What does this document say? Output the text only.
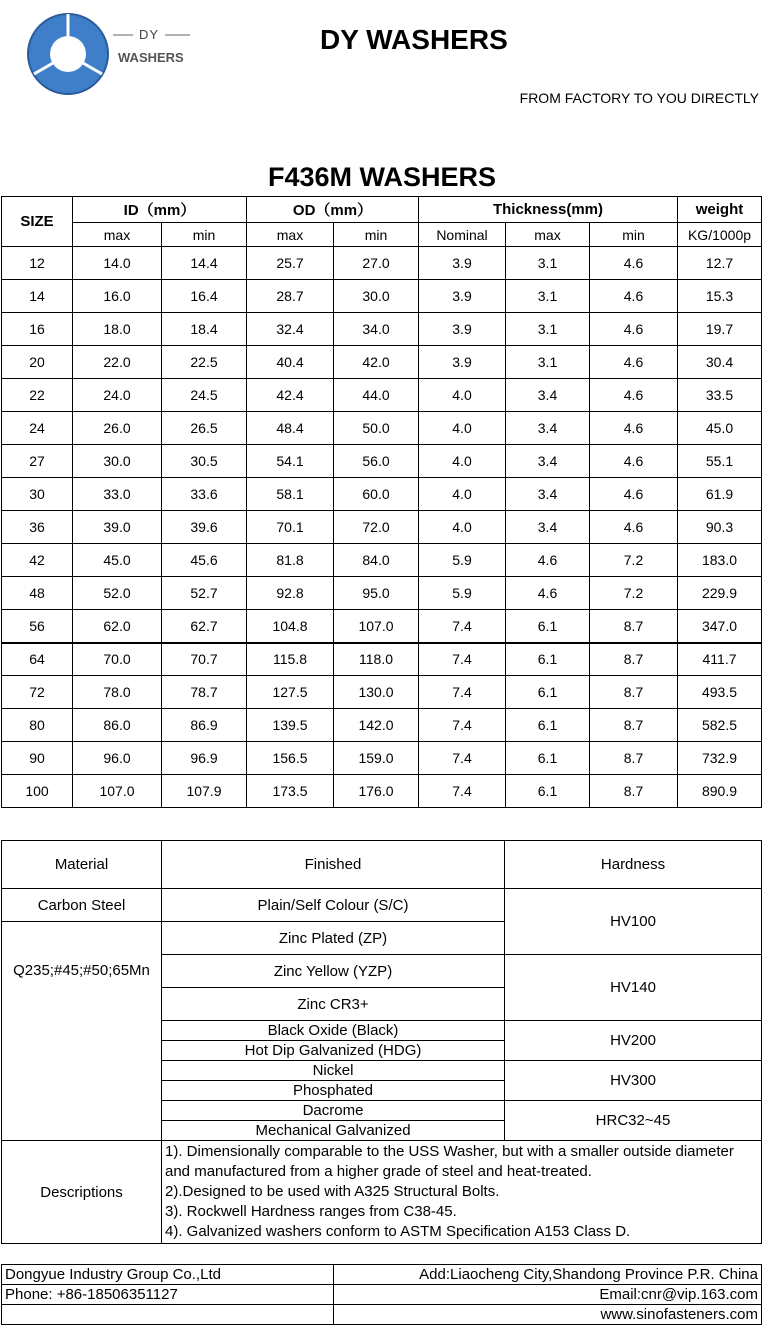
DY
WASHERS
DY WASHERS
FROM FACTORY TO YOU DIRECTLY
F436M WASHERS
SIZE	ID（mm）		OD（mm）		Thickness(mm)			weight
	max	min	max	min	Nominal	max	min	KG/1000p
12	14.0	14.4	25.7	27.0	3.9	3.1	4.6	12.7
14	16.0	16.4	28.7	30.0	3.9	3.1	4.6	15.3
16	18.0	18.4	32.4	34.0	3.9	3.1	4.6	19.7
20	22.0	22.5	40.4	42.0	3.9	3.1	4.6	30.4
22	24.0	24.5	42.4	44.0	4.0	3.4	4.6	33.5
24	26.0	26.5	48.4	50.0	4.0	3.4	4.6	45.0
27	30.0	30.5	54.1	56.0	4.0	3.4	4.6	55.1
30	33.0	33.6	58.1	60.0	4.0	3.4	4.6	61.9
36	39.0	39.6	70.1	72.0	4.0	3.4	4.6	90.3
42	45.0	45.6	81.8	84.0	5.9	4.6	7.2	183.0
48	52.0	52.7	92.8	95.0	5.9	4.6	7.2	229.9
56	62.0	62.7	104.8	107.0	7.4	6.1	8.7	347.0
64	70.0	70.7	115.8	118.0	7.4	6.1	8.7	411.7
72	78.0	78.7	127.5	130.0	7.4	6.1	8.7	493.5
80	86.0	86.9	139.5	142.0	7.4	6.1	8.7	582.5
90	96.0	96.9	156.5	159.0	7.4	6.1	8.7	732.9
100	107.0	107.9	173.5	176.0	7.4	6.1	8.7	890.9
Material	Finished	Hardness
Carbon Steel	Plain/Self Colour (S/C)	HV100
Q235;#45;#50;65Mn	Zinc Plated (ZP)	
	Zinc Yellow (YZP)	HV140
	Zinc CR3+	
	Black Oxide (Black)	HV200
	Hot Dip Galvanized (HDG)	
	Nickel	HV300
	Phosphated	
	Dacrome	HRC32~45
	Mechanical Galvanized	
Descriptions	1). Dimensionally comparable to the USS Washer, but with a smaller outside diameter and manufactured from a higher grade of steel and heat-treated.
2).Designed to be used with A325 Structural Bolts.
3). Rockwell Hardness ranges from C38-45.
4). Galvanized washers conform to ASTM Specification A153 Class D.	
Dongyue Industry Group Co.,Ltd	Add:Liaocheng City,Shandong Province P.R. China
Phone: +86-18506351127	Email:cnr@vip.163.com
	www.sinofasteners.com
